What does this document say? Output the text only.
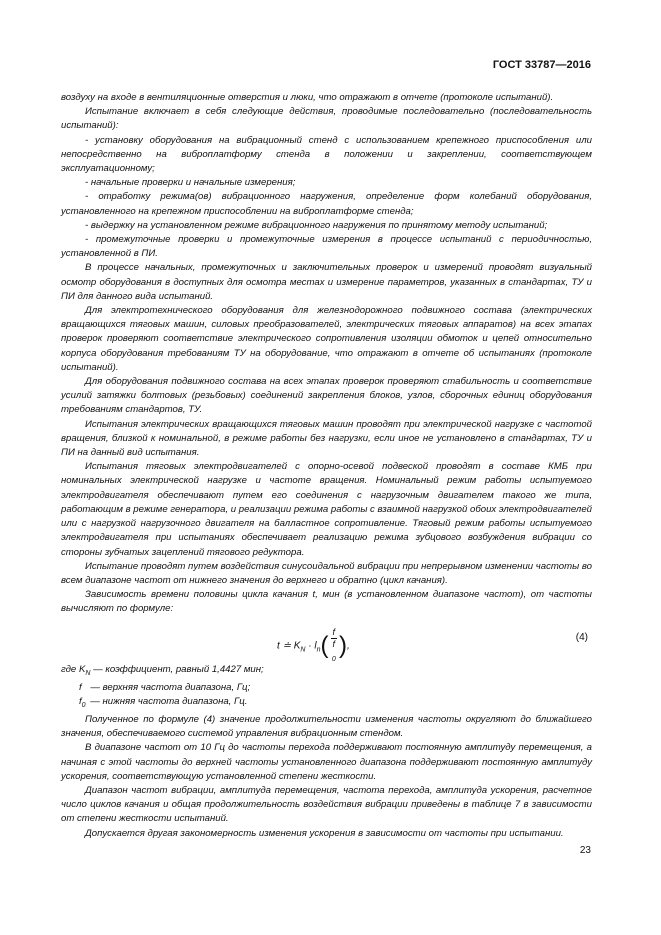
ГОСТ 33787—2016

воздуху на входе в вентиляционные отверстия и люки, что отражают в отчете (протоколе испытаний).

Испытание включает в себя следующие действия, проводимые последовательно (последовательность испытаний):

- установку оборудования на вибрационный стенд с использованием крепежного приспособления или непосредственно на виброплатформу стенда в положении и закреплении, соответствующем эксплуатационному;

- начальные проверки и начальные измерения;

- отработку режима(ов) вибрационного нагружения, определение форм колебаний оборудования, установленного на крепежном приспособлении на виброплатформе стенда;

- выдержку на установленном режиме вибрационного нагружения по принятому методу испытаний;

- промежуточные проверки и промежуточные измерения в процессе испытаний с периодичностью, установленной в ПИ.

В процессе начальных, промежуточных и заключительных проверок и измерений проводят визуальный осмотр оборудования в доступных для осмотра местах и измерение параметров, указанных в стандартах, ТУ и ПИ для данного вида испытаний.

Для электротехнического оборудования для железнодорожного подвижного состава (электрических вращающихся тяговых машин, силовых преобразователей, электрических тяговых аппаратов) на всех этапах проверок проверяют соответствие электрического сопротивления изоляции обмоток и цепей относительно корпуса оборудования требованиям ТУ на оборудование, что отражают в отчете об испытаниях (протоколе испытаний).

Для оборудования подвижного состава на всех этапах проверок проверяют стабильность и соответствие усилий затяжки болтовых (резьбовых) соединений закрепления блоков, узлов, сборочных единиц оборудования требованиям стандартов, ТУ.

Испытания электрических вращающихся тяговых машин проводят при электрической нагрузке с частотой вращения, близкой к номинальной, в режиме работы без нагрузки, если иное не установлено в стандартах, ТУ и ПИ на данный вид испытания.

Испытания тяговых электродвигателей с опорно-осевой подвеской проводят в составе КМБ при номинальных электрической нагрузке и частоте вращения. Номинальный режим работы испытуемого электродвигателя обеспечивают путем его соединения с нагрузочным двигателем такого же типа, работающим в режиме генератора, и реализации режима работы с взаимной нагрузкой обоих электродвигателей или с нагрузкой нагрузочного двигателя на балластное сопротивление. Тяговый режим работы испытуемого электродвигателя при испытаниях обеспечивает реализацию режима зубцового возбуждения вибрации со стороны зубчатых зацеплений тягового редуктора.

Испытание проводят путем воздействия синусоидальной вибрации при непрерывном изменении частоты во всем диапазоне частот от нижнего значения до верхнего и обратно (цикл качания).

Зависимость времени половины цикла качания t, мин (в установленном диапазоне частот), от частоты вычисляют по формуле:

t ≐ $K_N \cdot l_n$( f
f
$_0$ ),
(4)
где $K_N$ — коэффициент, равный 1,4427 мин;
f — верхняя частота диапазона, Гц;
$f_0$ — нижняя частота диапазона, Гц.

Полученное по формуле (4) значение продолжительности изменения частоты округляют до ближайшего значения, обеспечиваемого системой управления вибрационным стендом.

В диапазоне частот от 10 Гц до частоты перехода поддерживают постоянную амплитуду перемещения, а начиная с этой частоты до верхней частоты установленного диапазона поддерживают постоянную амплитуду ускорения, соответствующую установленной степени жесткости.

Диапазон частот вибрации, амплитуда перемещения, частота перехода, амплитуда ускорения, расчетное число циклов качания и общая продолжительность воздействия вибрации приведены в таблице 7 в зависимости от степени жесткости испытаний.

Допускается другая закономерность изменения ускорения в зависимости от частоты при испытании.

23
